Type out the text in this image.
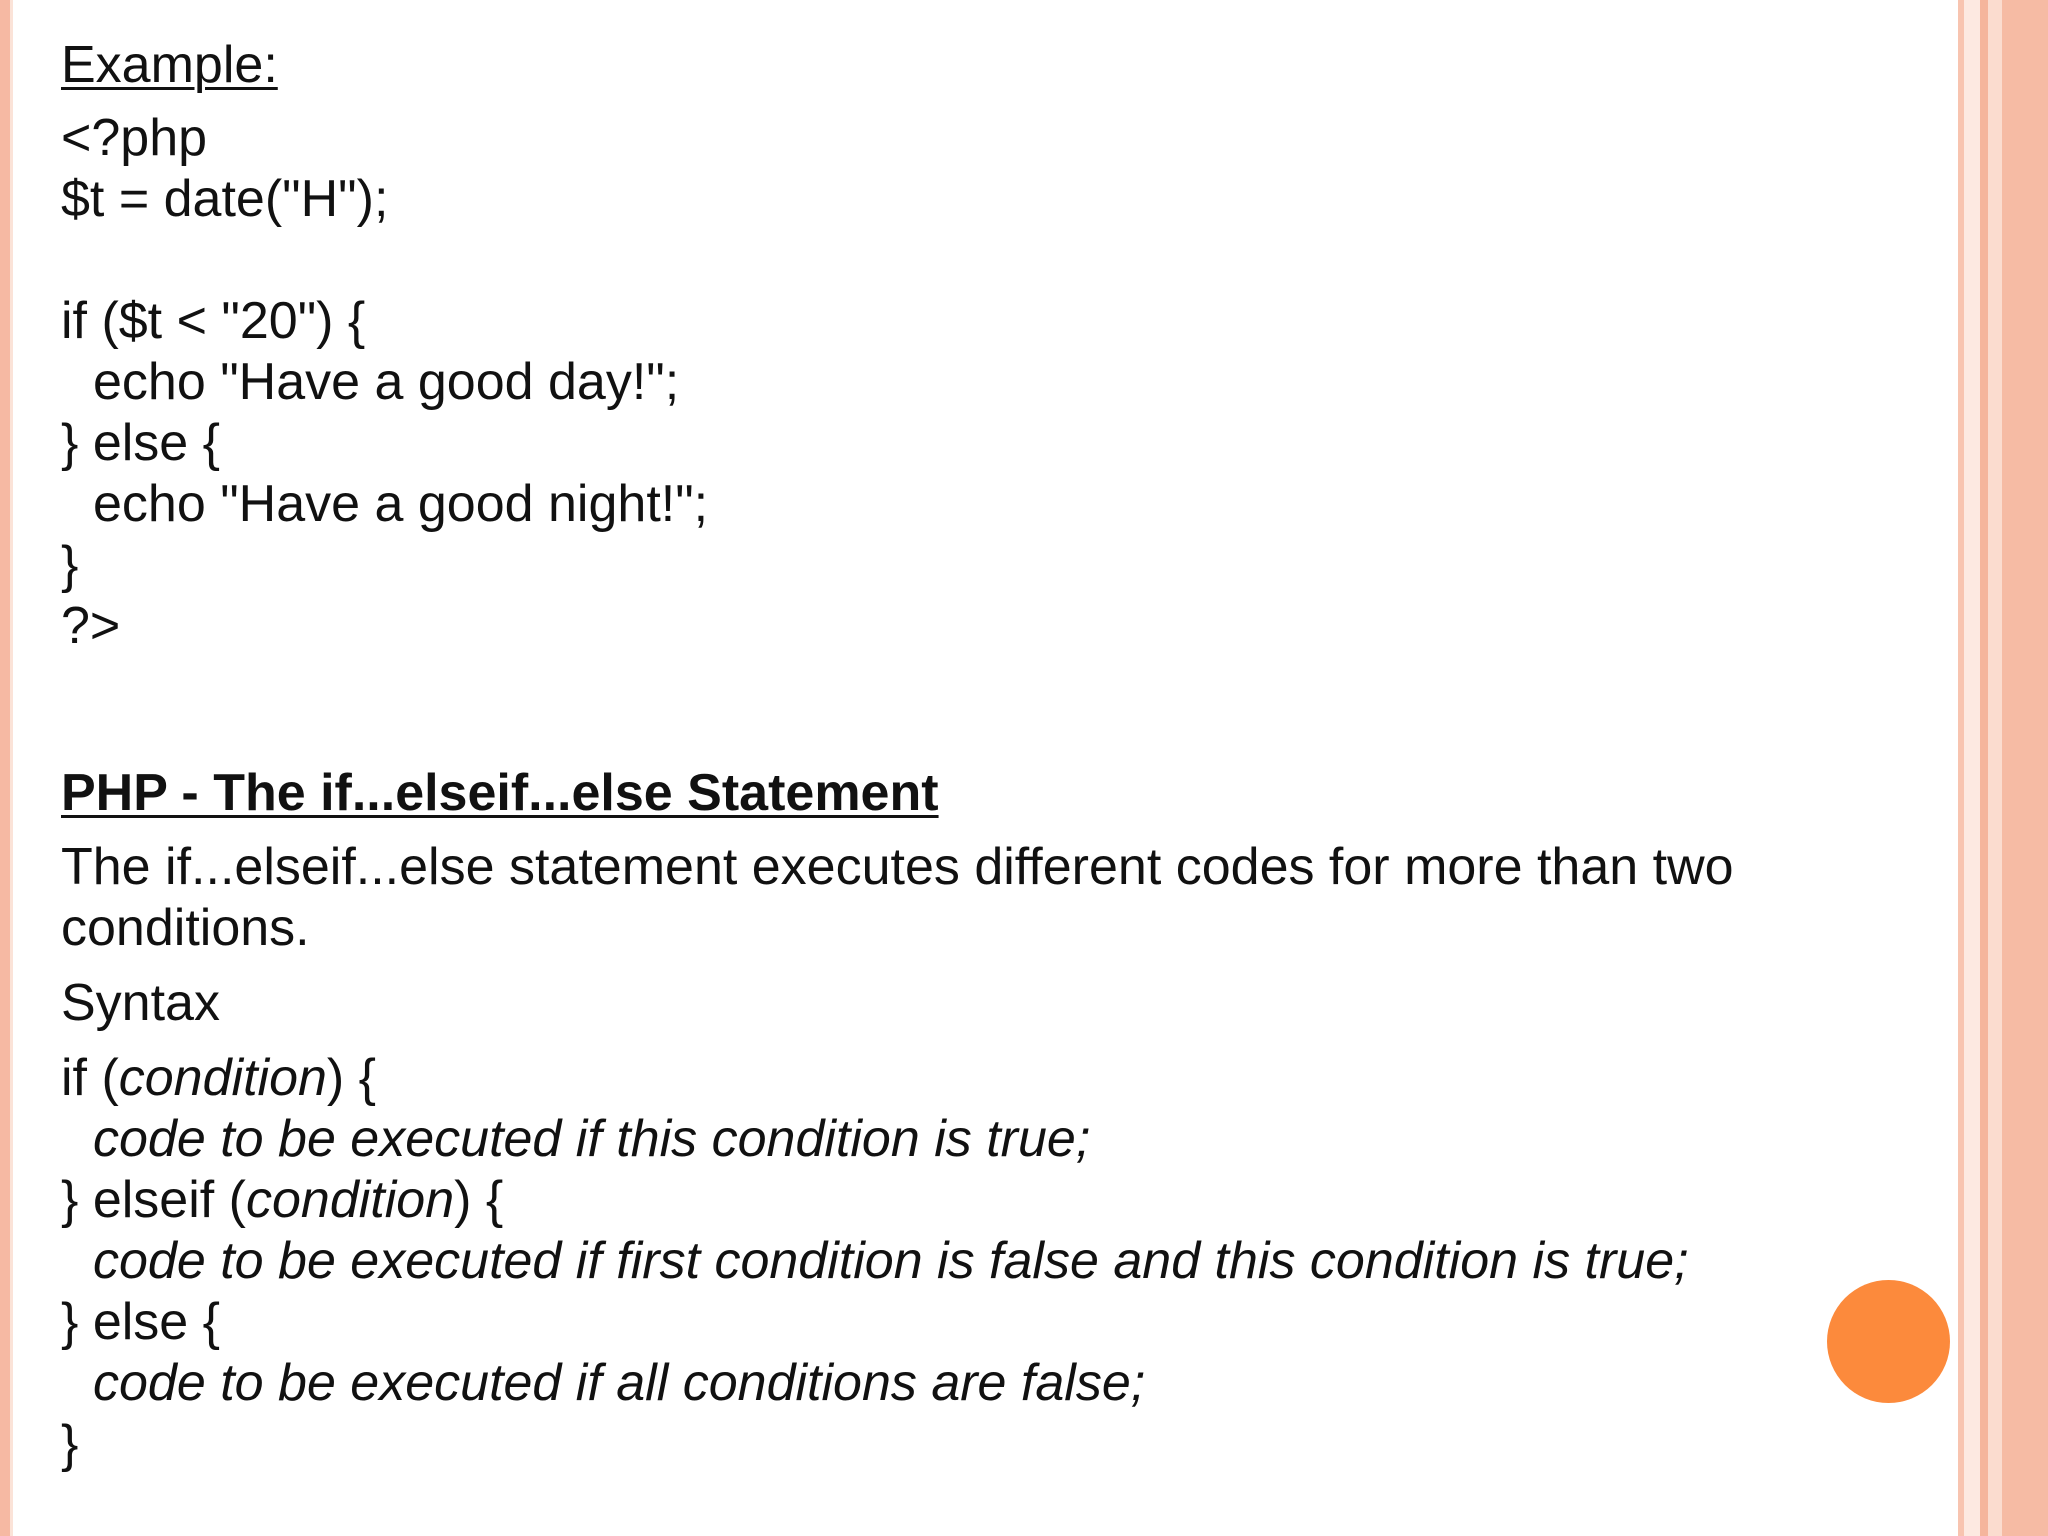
Example:
<?php
$t = date("H");
if ($t < "20") {
echo "Have a good day!";
} else {
echo "Have a good night!";
}
?>
PHP - The if...elseif...else Statement
The if...elseif...else statement executes different codes for more than two conditions.
Syntax
if (condition) {
code to be executed if this condition is true;
} elseif (condition) {
code to be executed if first condition is false and this condition is true;
} else {
code to be executed if all conditions are false;
}
